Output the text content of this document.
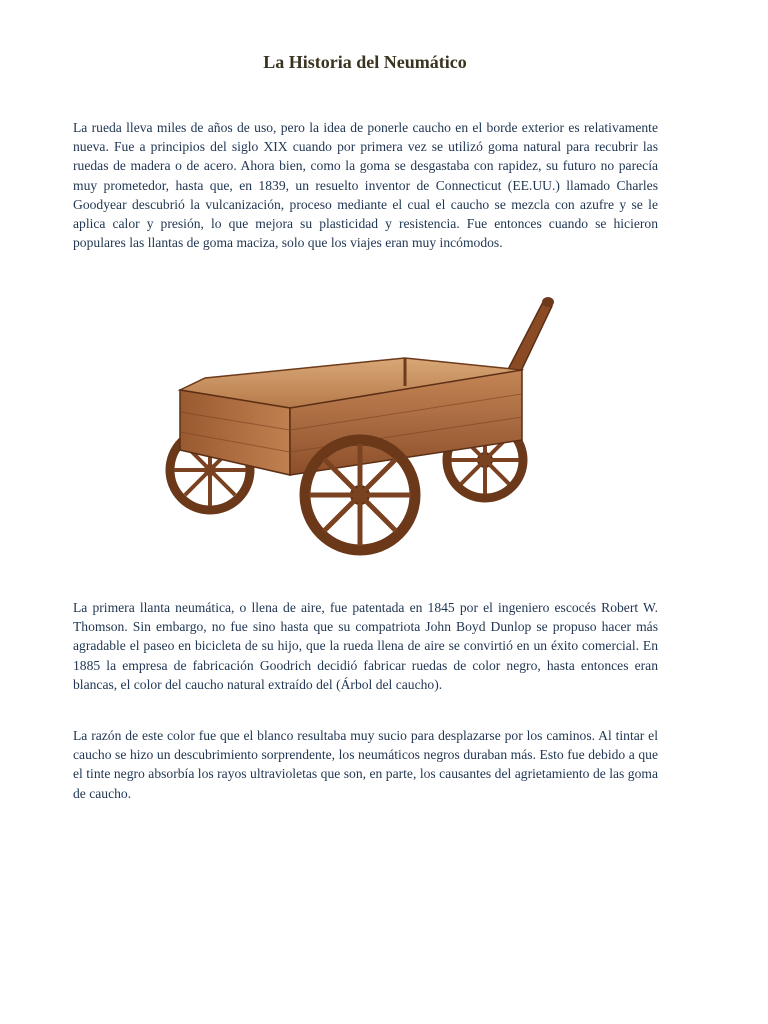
La Historia del Neumático

La rueda lleva miles de años de uso, pero la idea de ponerle caucho en el borde exterior es relativamente nueva. Fue a principios del siglo XIX cuando por primera vez se utilizó goma natural para recubrir las ruedas de madera o de acero. Ahora bien, como la goma se desgastaba con rapidez, su futuro no parecía muy prometedor, hasta que, en 1839, un resuelto inventor de Connecticut (EE.UU.) llamado Charles Goodyear descubrió la vulcanización, proceso mediante el cual el caucho se mezcla con azufre y se le aplica calor y presión, lo que mejora su plasticidad y resistencia. Fue entonces cuando se hicieron populares las llantas de goma maciza, solo que los viajes eran muy incómodos.

La primera llanta neumática, o llena de aire, fue patentada en 1845 por el ingeniero escocés Robert W. Thomson. Sin embargo, no fue sino hasta que su compatriota John Boyd Dunlop se propuso hacer más agradable el paseo en bicicleta de su hijo, que la rueda llena de aire se convirtió en un éxito comercial. En 1885 la empresa de fabricación Goodrich decidió fabricar ruedas de color negro, hasta entonces eran blancas, el color del caucho natural extraído del (Árbol del caucho).

La razón de este color fue que el blanco resultaba muy sucio para desplazarse por los caminos. Al tintar el caucho se hizo un descubrimiento sorprendente, los neumáticos negros duraban más. Esto fue debido a que el tinte negro absorbía los rayos ultravioletas que son, en parte, los causantes del agrietamiento de las goma de caucho.
